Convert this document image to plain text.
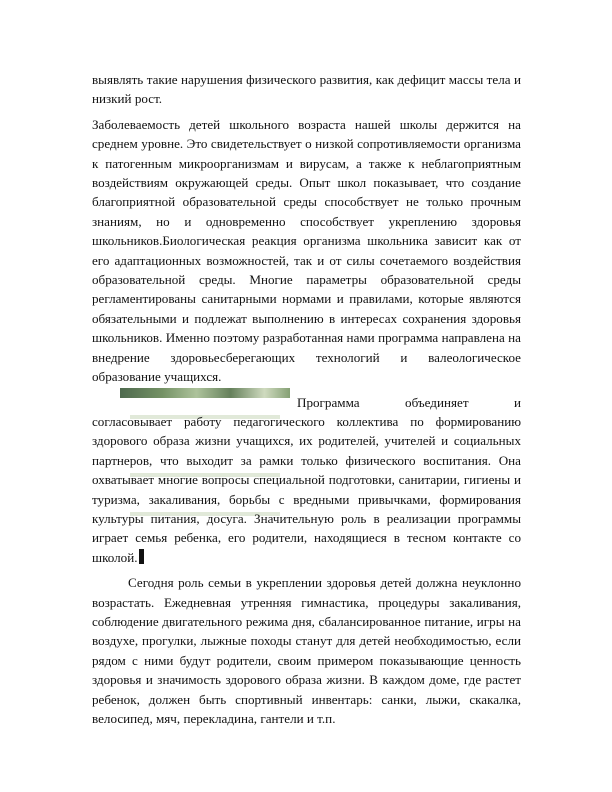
выявлять такие нарушения физического развития, как дефицит массы тела и низкий рост.

Заболеваемость детей школьного возраста нашей школы держится на среднем уровне. Это свидетельствует о низкой сопротивляемости организма к патогенным микроорганизмам и вирусам, а также к неблагоприятным воздействиям окружающей среды. Опыт школ показывает, что создание благоприятной образовательной среды способствует не только прочным знаниям, но и одновременно способствует укреплению здоровья школьников.Биологическая реакция организма школьника зависит как от его адаптационных возможностей, так и от силы сочетаемого воздействия образовательной среды. Многие параметры образовательной среды регламентированы санитарными нормами и правилами, которые являются обязательными и подлежат выполнению в интересах сохранения здоровья школьников. Именно поэтому разработанная нами программа направлена на внедрение здоровьесберегающих технологий и валеологическое образование учащихся.

Программа объединяет и

согласовывает работу педагогического коллектива по формированию здорового образа жизни учащихся, их родителей, учителей и социальных партнеров, что выходит за рамки только физического воспитания. Она охватывает многие вопросы специальной подготовки, санитарии, гигиены и туризма, закаливания, борьбы с вредными привычками, формирования культуры питания, досуга. Значительную роль в реализации программы играет семья ребенка, его родители, находящиеся в тесном контакте со школой.

Сегодня роль семьи в укреплении здоровья детей должна неуклонно возрастать. Ежедневная утренняя гимнастика, процедуры закаливания, соблюдение двигательного режима дня, сбалансированное питание, игры на воздухе, прогулки, лыжные походы станут для детей необходимостью, если рядом с ними будут родители, своим примером показывающие ценность здоровья и значимость здорового образа жизни. В каждом доме, где растет ребенок, должен быть спортивный инвентарь: санки, лыжи, скакалка, велосипед, мяч, перекладина, гантели и т.п.
